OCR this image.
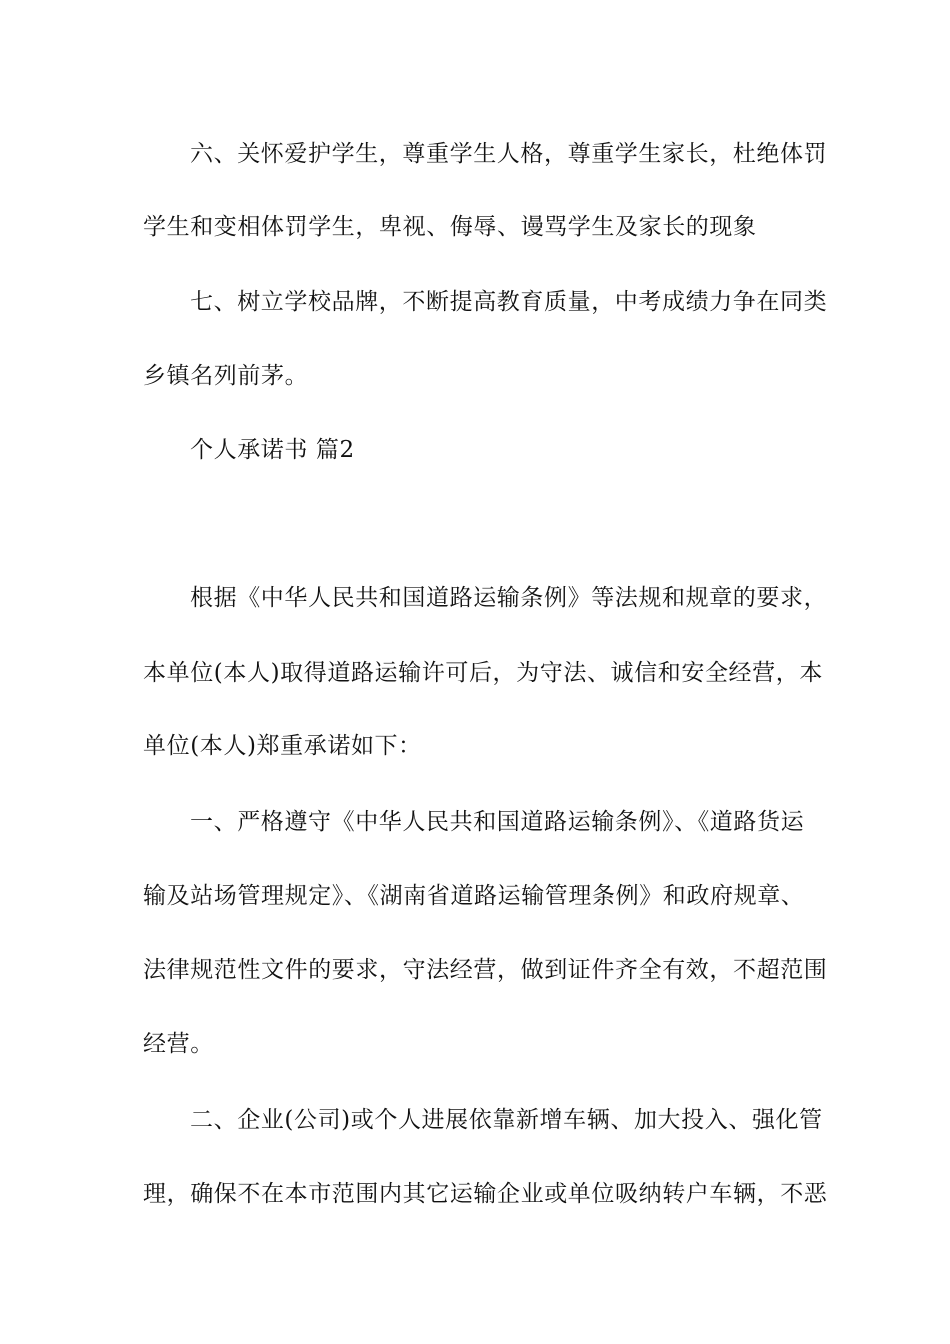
六、关怀爱护学生，尊重学生人格，尊重学生家长，杜绝体罚
学生和变相体罚学生，卑视、侮辱、谩骂学生及家长的现象
七、树立学校品牌，不断提高教育质量，中考成绩力争在同类
乡镇名列前茅。
个人承诺书 篇2
根据《中华人民共和国道路运输条例》等法规和规章的要求，
本单位(本人)取得道路运输许可后，为守法、诚信和安全经营，本
单位(本人)郑重承诺如下：
一、严格遵守《中华人民共和国道路运输条例》、《道路货运
输及站场管理规定》、《湖南省道路运输管理条例》和政府规章、
法律规范性文件的要求，守法经营，做到证件齐全有效，不超范围
经营。
二、企业(公司)或个人进展依靠新增车辆、加大投入、强化管
理，确保不在本市范围内其它运输企业或单位吸纳转户车辆，不恶
